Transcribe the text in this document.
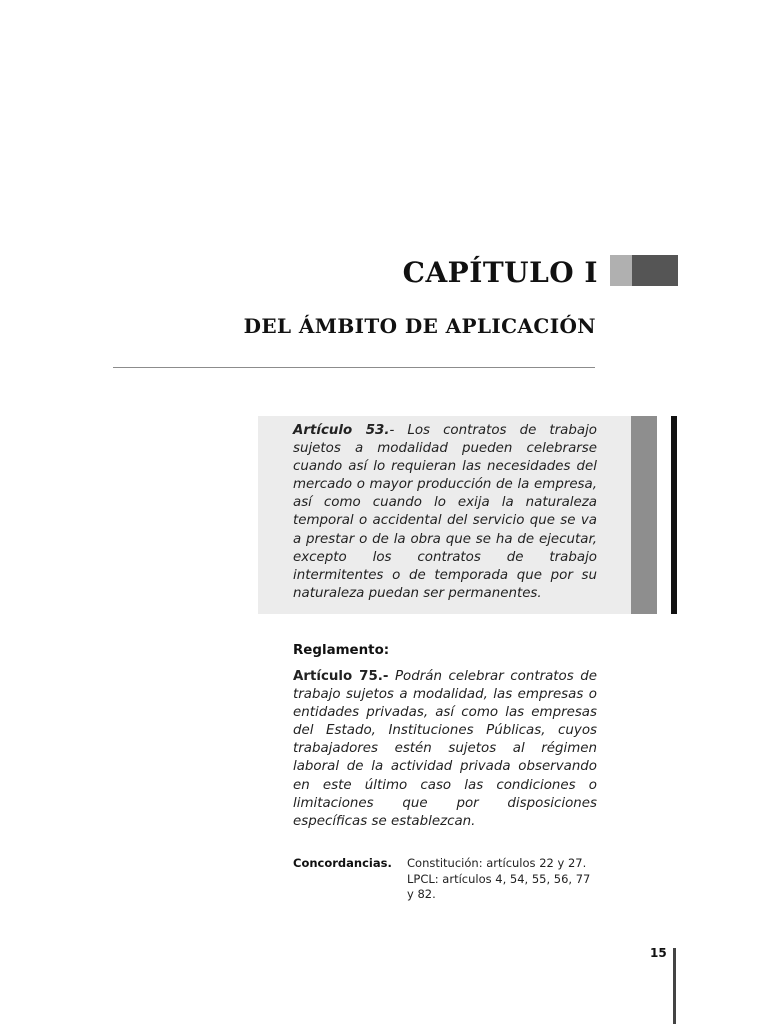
CAPÍTULO I
DEL ÁMBITO DE APLICACIÓN

Artículo 53.- Los contratos de trabajo sujetos a modalidad pueden celebrarse cuando así lo requieran las necesidades del mercado o mayor producción de la empresa, así como cuando lo exija la naturaleza temporal o accidental del servicio que se va a prestar o de la obra que se ha de ejecutar, excepto los contratos de trabajo intermitentes o de temporada que por su naturaleza puedan ser permanentes.

Reglamento:

Artículo 75.- Podrán celebrar contratos de trabajo sujetos a modalidad, las empresas o entidades privadas, así como las empresas del Estado, Instituciones Públicas, cuyos trabajadores estén sujetos al régimen laboral de la actividad privada observando en este último caso las condiciones o limitaciones que por disposiciones específicas se establezcan.

Concordancias. Constitución: artículos 22 y 27.
LPCL: artículos 4, 54, 55, 56, 77 y 82.

15
